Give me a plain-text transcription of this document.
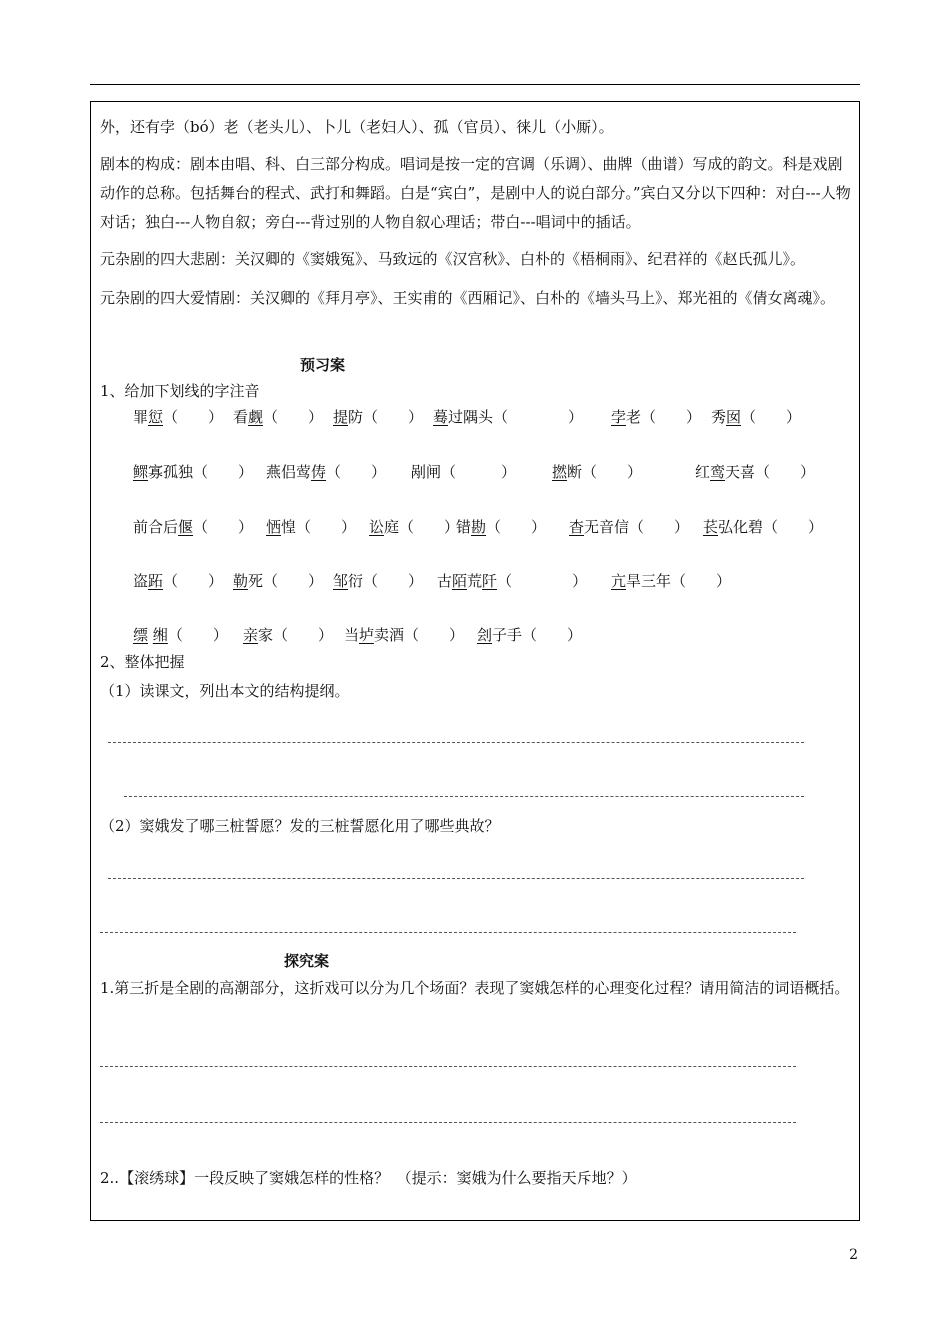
外，还有孛（bó）老（老头儿）、卜儿（老妇人）、孤（官员）、徕儿（小厮）。
剧本的构成：剧本由唱、科、白三部分构成。唱词是按一定的宫调（乐调）、曲牌（曲谱）写成的韵文。科是戏剧动作的总称。包括舞台的程式、武打和舞蹈。白是“宾白”，是剧中人的说白部分。”宾白又分以下四种：对白---人物对话；独白---人物自叙；旁白---背过别的人物自叙心理话；带白---唱词中的插话。
元杂剧的四大悲剧：关汉卿的《窦娥冤》、马致远的《汉宫秋》、白朴的《梧桐雨》、纪君祥的《赵氏孤儿》。
元杂剧的四大爱情剧：关汉卿的《拜月亭》、王实甫的《西厢记》、白朴的《墙头马上》、郑光祖的《倩女离魂》。
预习案
1、给加下划线的字注音
罪愆（　　） 看觑（　　） 提防（　　） 蓦过隅头（　　　　） 孛老（　　） 秀囡（　　）
鳏寡孤独（　　） 燕侣莺俦（　　） 剐闸（　　　） 撚断（　　）	红鸾天喜（　　）
前合后偃（　　） 恓惶（　　） 讼庭（　　）
错勘（　　） 杳无音信（　　） 苌弘化碧（　　）
盗跖（　　） 勒死（　　） 邹衍（　　） 古陌荒阡（　　　　） 亢旱三年（　　）
缥 缃（　　） 亲家（　　） 当垆卖酒（　　） 刽子手（　　）
2、整体把握
（1）读课文，列出本文的结构提纲。
（2）窦娥发了哪三桩誓愿？发的三桩誓愿化用了哪些典故？
探究案
1.第三折是全剧的高潮部分，这折戏可以分为几个场面？表现了窦娥怎样的心理变化过程？请用简洁的词语概括。
2..【滚绣球】一段反映了窦娥怎样的性格？　（提示：窦娥为什么要指天斥地？）
2
